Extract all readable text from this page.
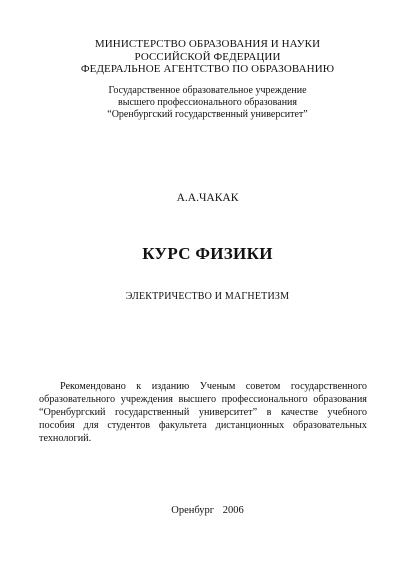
МИНИСТЕРСТВО ОБРАЗОВАНИЯ И НАУКИ
РОССИЙСКОЙ ФЕДЕРАЦИИ
ФЕДЕРАЛЬНОЕ АГЕНТСТВО ПО ОБРАЗОВАНИЮ
Государственное образовательное учреждение
высшего профессионального образования
“Оренбургский государственный университет”
А.А.ЧАКАК
КУРС ФИЗИКИ
ЭЛЕКТРИЧЕСТВО И МАГНЕТИЗМ
Рекомендовано к изданию Ученым советом государственного образовательного учреждения высшего профессионального образования “Оренбургский государственный университет” в качестве учебного пособия для студентов факультета дистанционных образовательных технологий.
Оренбург 2006
